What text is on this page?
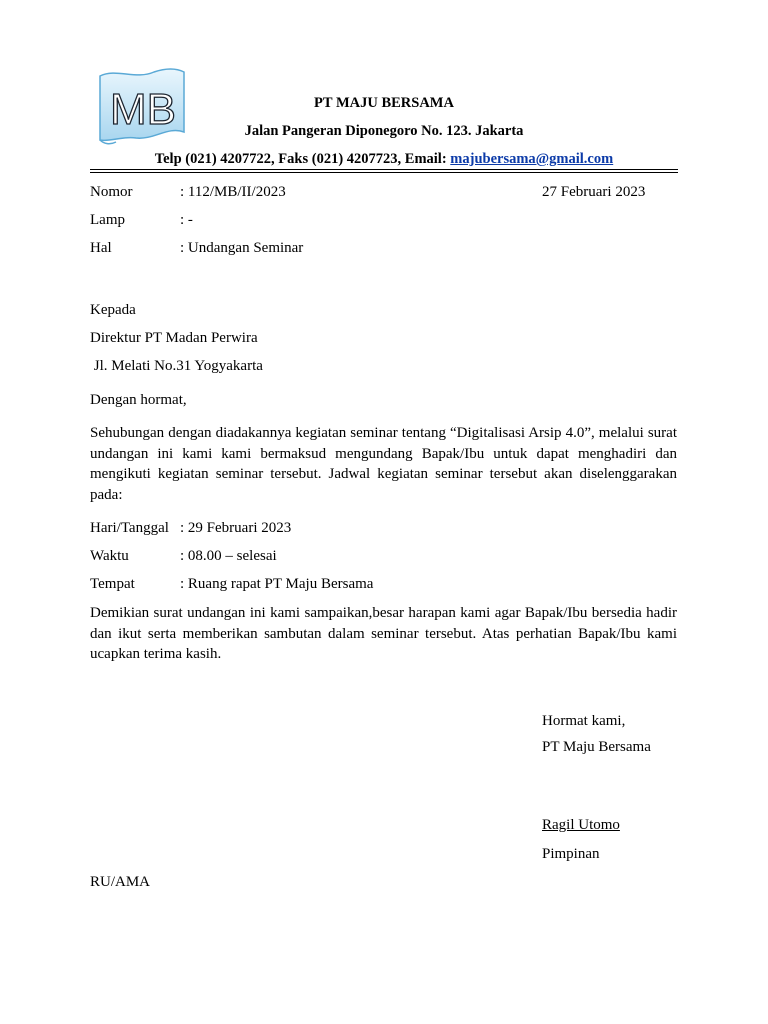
MB	PT MAJU BERSAMA
Jalan Pangeran Diponegoro No. 123. Jakarta
Telp (021) 4207722, Faks (021) 4207723, Email: majubersama@gmail.com
Nomor	: 112/MB/II/2023	27 Februari 2023
Lamp	: -
Hal	: Undangan Seminar
Kepada
Direktur PT Madan Perwira
Jl. Melati No.31 Yogyakarta
Dengan hormat,
Sehubungan dengan diadakannya kegiatan seminar tentang “Digitalisasi Arsip 4.0”, melalui surat undangan ini kami kami bermaksud mengundang Bapak/Ibu untuk dapat menghadiri dan mengikuti kegiatan seminar tersebut. Jadwal kegiatan seminar tersebut akan diselenggarakan pada:
Hari/Tanggal : 29 Februari 2023
Waktu	: 08.00 – selesai
Tempat	: Ruang rapat PT Maju Bersama
Demikian surat undangan ini kami sampaikan,besar harapan kami agar Bapak/Ibu bersedia hadir dan ikut serta memberikan sambutan dalam seminar tersebut. Atas perhatian Bapak/Ibu kami ucapkan terima kasih.
Hormat kami,
PT Maju Bersama
Ragil Utomo
Pimpinan
RU/AMA
